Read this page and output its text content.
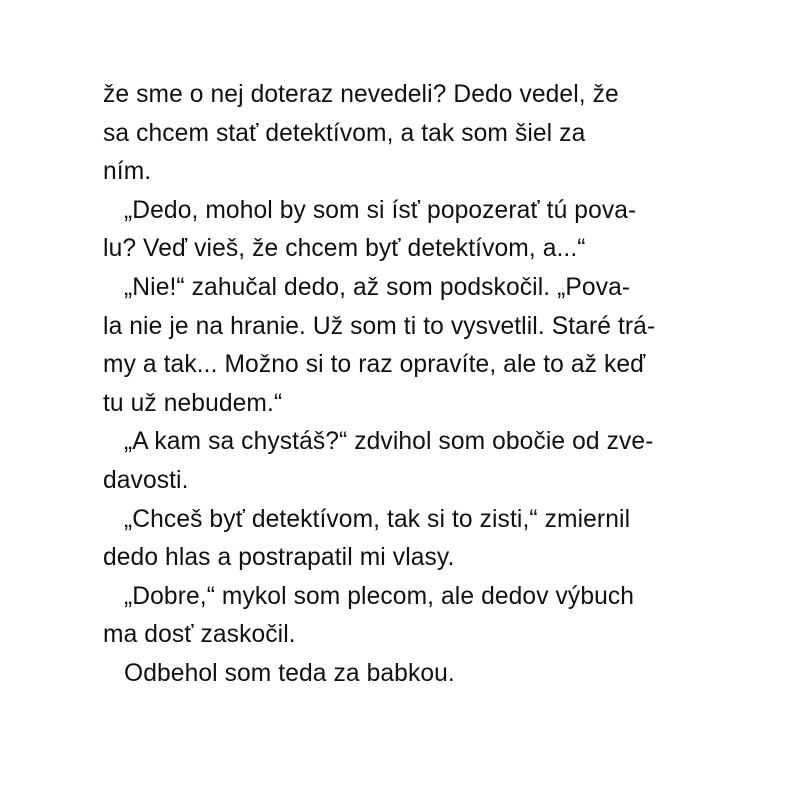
že sme o nej doteraz nevedeli? Dedo vedel, že
sa chcem stať detektívom, a tak som šiel za
ním.
„Dedo, mohol by som si ísť popozerať tú pova-
lu? Veď vieš, že chcem byť detektívom, a...“
„Nie!“ zahučal dedo, až som podskočil. „Pova-
la nie je na hranie. Už som ti to vysvetlil. Staré trá-
my a tak... Možno si to raz opravíte, ale to až keď
tu už nebudem.“
„A kam sa chystáš?“ zdvihol som obočie od zve-
davosti.
„Chceš byť detektívom, tak si to zisti,“ zmiernil
dedo hlas a postrapatil mi vlasy.
„Dobre,“ mykol som plecom, ale dedov výbuch
ma dosť zaskočil.
Odbehol som teda za babkou.
